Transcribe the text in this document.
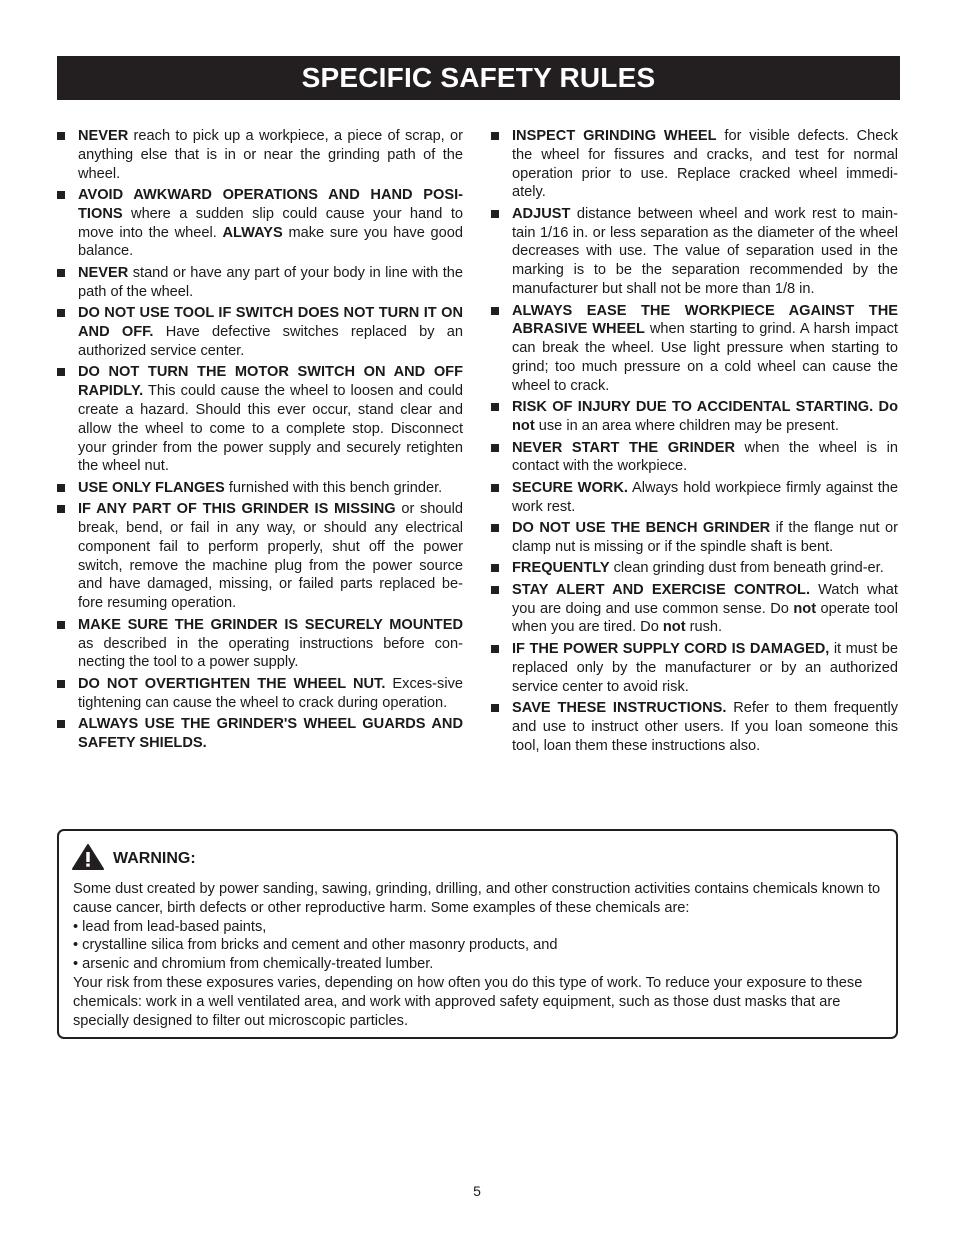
SPECIFIC SAFETY RULES
NEVER reach to pick up a workpiece, a piece of scrap, or anything else that is in or near the grinding path of the wheel.
AVOID AWKWARD OPERATIONS AND HAND POSI-TIONS where a sudden slip could cause your hand to move into the wheel. ALWAYS make sure you have good balance.
NEVER stand or have any part of your body in line with the path of the wheel.
DO NOT USE TOOL IF SWITCH DOES NOT TURN IT ON AND OFF. Have defective switches replaced by an authorized service center.
DO NOT TURN THE MOTOR SWITCH ON AND OFF RAPIDLY. This could cause the wheel to loosen and could create a hazard. Should this ever occur, stand clear and allow the wheel to come to a complete stop. Disconnect your grinder from the power supply and securely retighten the wheel nut.
USE ONLY FLANGES furnished with this bench grinder.
IF ANY PART OF THIS GRINDER IS MISSING or should break, bend, or fail in any way, or should any electrical component fail to perform properly, shut off the power switch, remove the machine plug from the power source and have damaged, missing, or failed parts replaced be-fore resuming operation.
MAKE SURE THE GRINDER IS SECURELY MOUNTED as described in the operating instructions before con-necting the tool to a power supply.
DO NOT OVERTIGHTEN THE WHEEL NUT. Exces-sive tightening can cause the wheel to crack during operation.
ALWAYS USE THE GRINDER'S WHEEL GUARDS AND SAFETY SHIELDS.
INSPECT GRINDING WHEEL for visible defects. Check the wheel for fissures and cracks, and test for normal operation prior to use. Replace cracked wheel immedi-ately.
ADJUST distance between wheel and work rest to main-tain 1/16 in. or less separation as the diameter of the wheel decreases with use. The value of separation used in the marking is to be the separation recommended by the manufacturer but shall not be more than 1/8 in.
ALWAYS EASE THE WORKPIECE AGAINST THE ABRASIVE WHEEL when starting to grind. A harsh impact can break the wheel. Use light pressure when starting to grind; too much pressure on a cold wheel can cause the wheel to crack.
RISK OF INJURY DUE TO ACCIDENTAL STARTING. Do not use in an area where children may be present.
NEVER START THE GRINDER when the wheel is in contact with the workpiece.
SECURE WORK. Always hold workpiece firmly against the work rest.
DO NOT USE THE BENCH GRINDER if the flange nut or clamp nut is missing or if the spindle shaft is bent.
FREQUENTLY clean grinding dust from beneath grind-er.
STAY ALERT AND EXERCISE CONTROL. Watch what you are doing and use common sense. Do not operate tool when you are tired. Do not rush.
IF THE POWER SUPPLY CORD IS DAMAGED, it must be replaced only by the manufacturer or by an authorized service center to avoid risk.
SAVE THESE INSTRUCTIONS. Refer to them frequently and use to instruct other users. If you loan someone this tool, loan them these instructions also.
WARNING:

Some dust created by power sanding, sawing, grinding, drilling, and other construction activities contains chemicals known to cause cancer, birth defects or other reproductive harm. Some examples of these chemicals are:

• lead from lead-based paints,

• crystalline silica from bricks and cement and other masonry products, and

• arsenic and chromium from chemically-treated lumber.

Your risk from these exposures varies, depending on how often you do this type of work. To reduce your exposure to these chemicals: work in a well ventilated area, and work with approved safety equipment, such as those dust masks that are specially designed to filter out microscopic particles.

5
